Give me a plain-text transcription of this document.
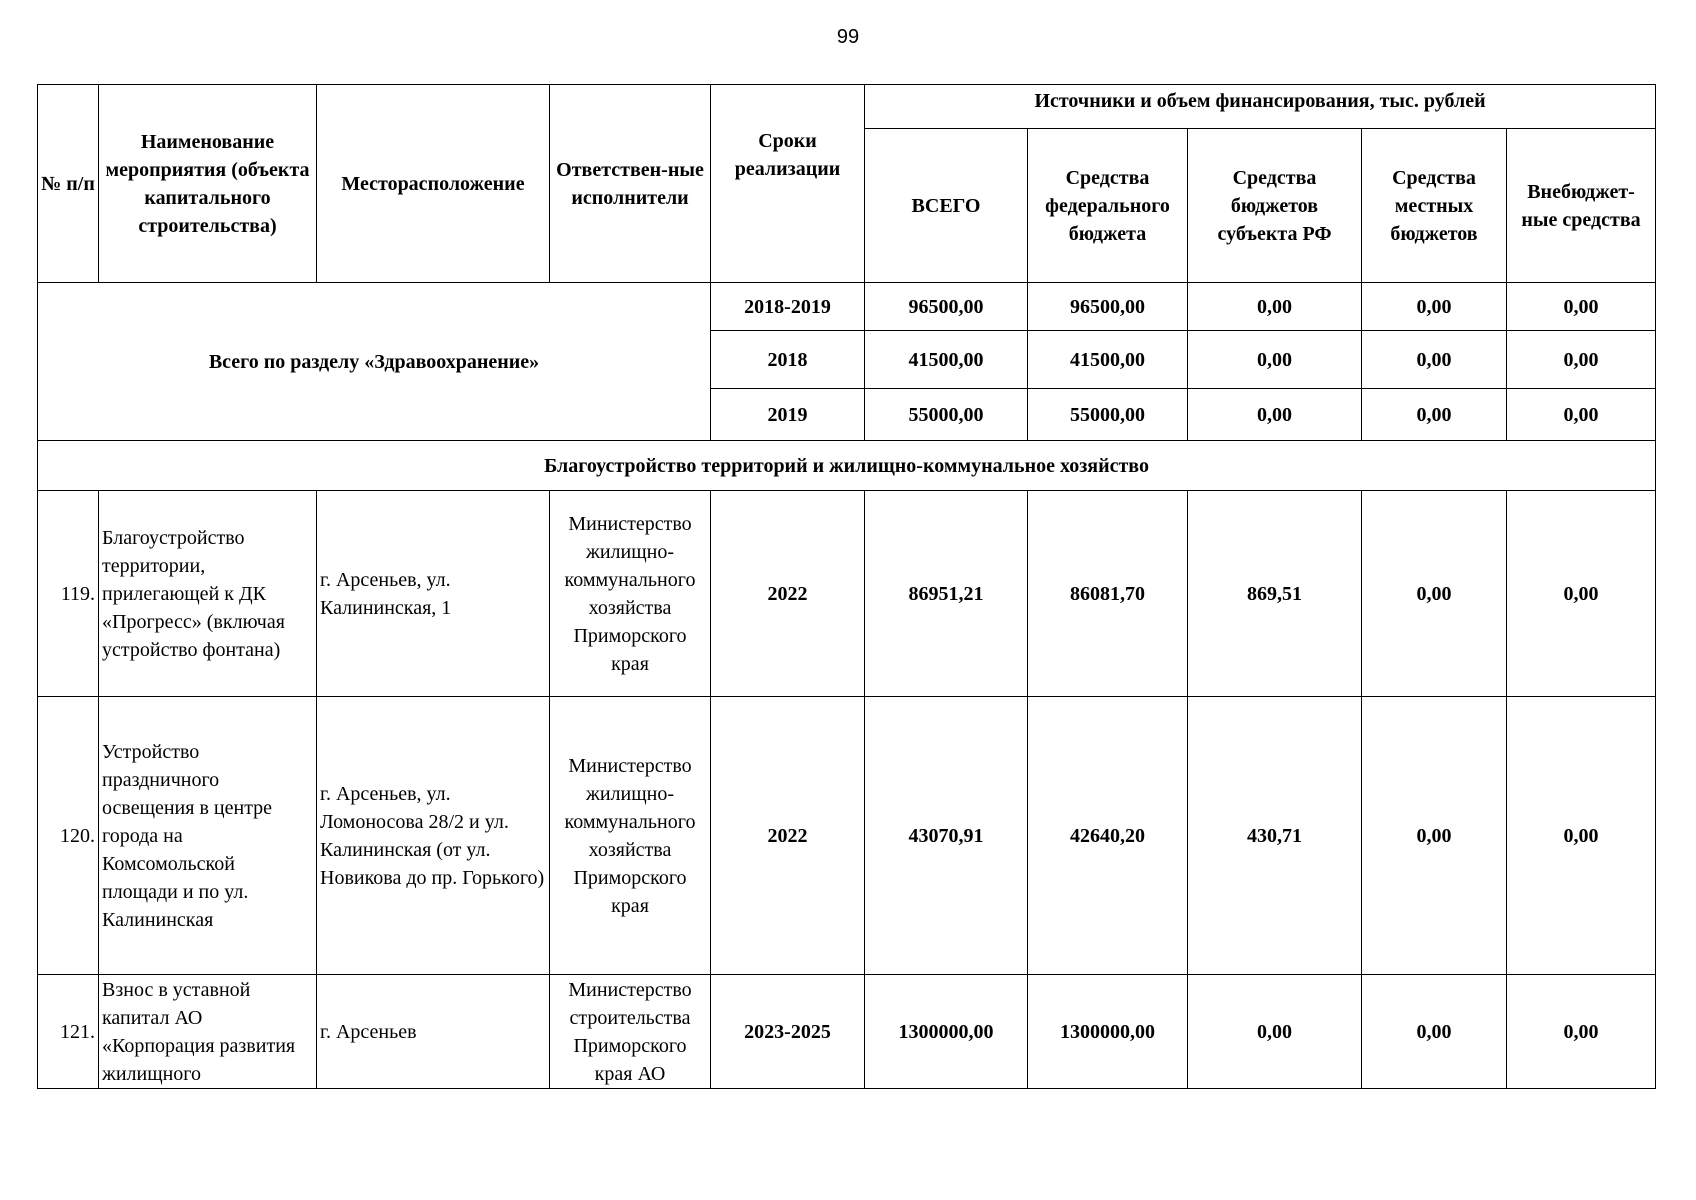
99
№ п/п	Наименование мероприятия (объекта капитального строительства)	Месторасположение	Ответствен-ные исполнители	Сроки реализации	Источники и объем финансирования, тыс. рублей				
					ВСЕГО	Средства федерального бюджета	Средства бюджетов субъекта РФ	Средства местных бюджетов	Внебюджет-ные средства
Всего по разделу «Здравоохранение»				2018-2019	96500,00	96500,00	0,00	0,00	0,00
				2018	41500,00	41500,00	0,00	0,00	0,00
				2019	55000,00	55000,00	0,00	0,00	0,00
Благоустройство территорий и жилищно-коммунальное хозяйство									
119.	Благоустройство территории, прилегающей к ДК «Прогресс» (включая устройство фонтана)	г. Арсеньев, ул. Калининская, 1	Министерство жилищно-коммунального хозяйства Приморского края	2022	86951,21	86081,70	869,51	0,00	0,00
120.	Устройство праздничного освещения в центре города на Комсомольской площади и по ул. Калининская	г. Арсеньев, ул. Ломоносова 28/2 и ул. Калининская (от ул. Новикова до пр. Горького)	Министерство жилищно-коммунального хозяйства Приморского края	2022	43070,91	42640,20	430,71	0,00	0,00
121.	Взнос в уставной капитал АО «Корпорация развития жилищного	г. Арсеньев	Министерство строительства Приморского края АО	2023-2025	1300000,00	1300000,00	0,00	0,00	0,00
